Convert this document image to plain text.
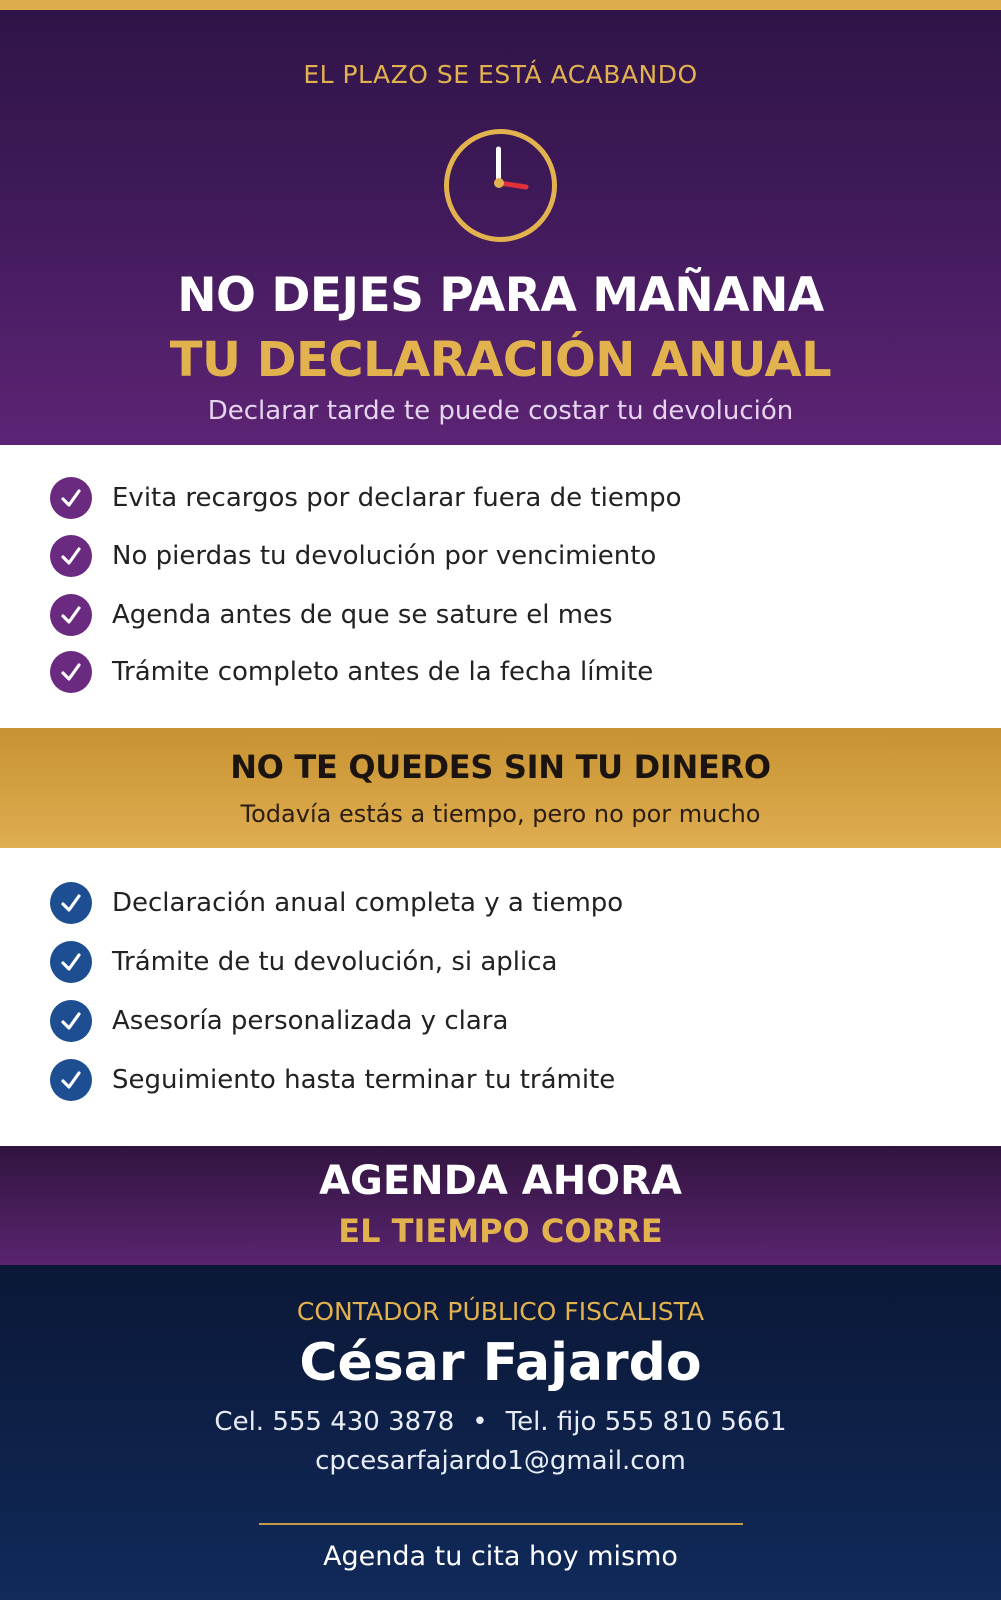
EL PLAZO SE ESTÁ ACABANDO
NO DEJES PARA MAÑANA
TU DECLARACIÓN ANUAL
Declarar tarde te puede costar tu devolución
Evita recargos por declarar fuera de tiempo
No pierdas tu devolución por vencimiento
Agenda antes de que se sature el mes
Trámite completo antes de la fecha límite
NO TE QUEDES SIN TU DINERO
Todavía estás a tiempo, pero no por mucho
Declaración anual completa y a tiempo
Trámite de tu devolución, si aplica
Asesoría personalizada y clara
Seguimiento hasta terminar tu trámite
AGENDA AHORA
EL TIEMPO CORRE
CONTADOR PÚBLICO FISCALISTA
César Fajardo
Cel. 555 430 3878 • Tel. fijo 555 810 5661
cpcesarfajardo1@gmail.com
Agenda tu cita hoy mismo
